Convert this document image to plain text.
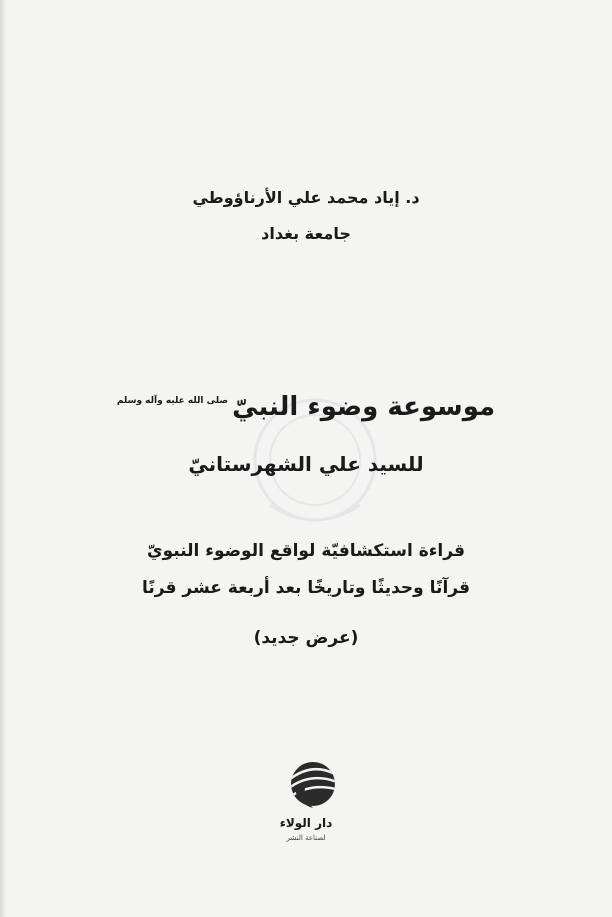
د. إياد محمد علي الأرناؤوطي
جامعة بغداد
موسوعة وضوء النبيّصلى الله عليه وآله وسلم
للسيد علي الشهرستانيّ
قراءة استكشافيّة لواقع الوضوء النبويّ
قرآنًا وحديثًا وتاريخًا بعد أربعة عشر قرنًا
(عرض جديد)
دار الولاء
لصناعة النشر
